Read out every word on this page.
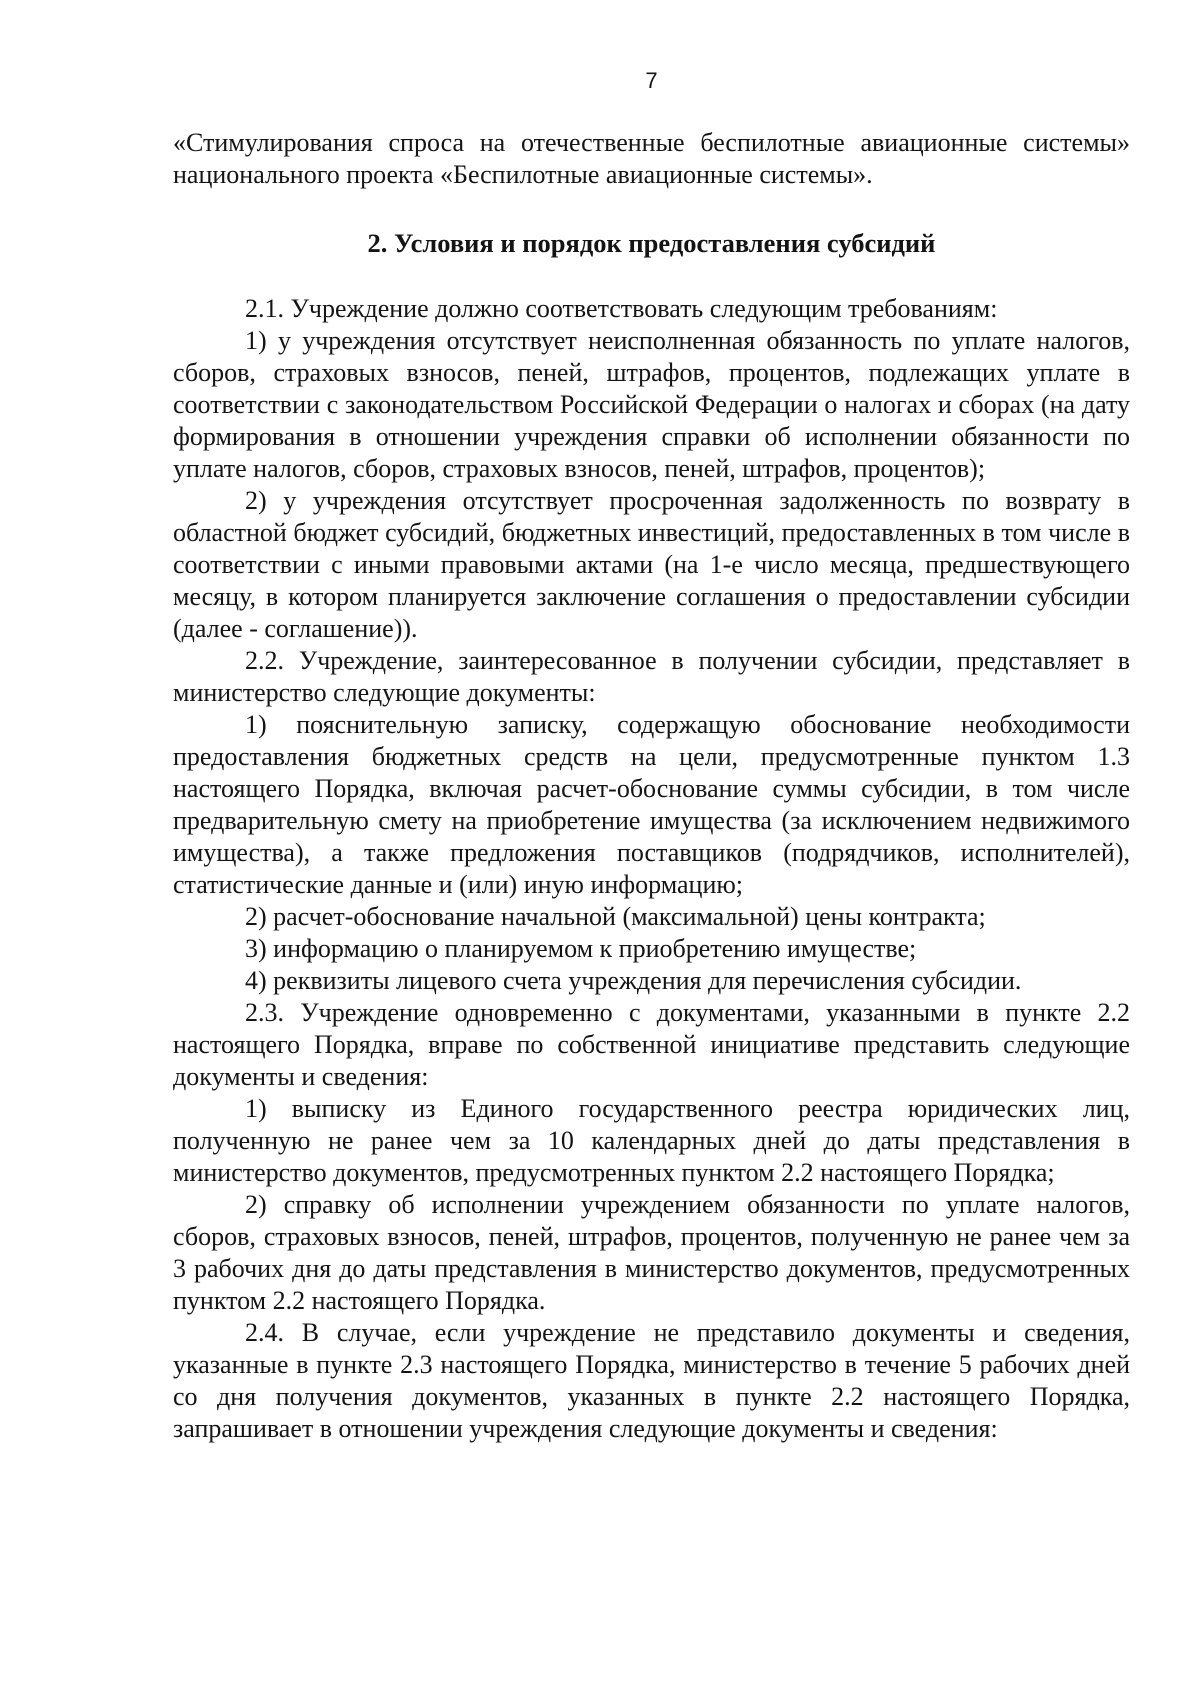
7

«Стимулирования спроса на отечественные беспилотные авиационные системы» национального проекта «Беспилотные авиационные системы».

2. Условия и порядок предоставления субсидий

2.1. Учреждение должно соответствовать следующим требованиям:

1) у учреждения отсутствует неисполненная обязанность по уплате налогов, сборов, страховых взносов, пеней, штрафов, процентов, подлежащих уплате в соответствии с законодательством Российской Федерации о налогах и сборах (на дату формирования в отношении учреждения справки об исполнении обязанности по уплате налогов, сборов, страховых взносов, пеней, штрафов, процентов);

2) у учреждения отсутствует просроченная задолженность по возврату в областной бюджет субсидий, бюджетных инвестиций, предоставленных в том числе в соответствии с иными правовыми актами (на 1-е число месяца, предшествующего месяцу, в котором планируется заключение соглашения о предоставлении субсидии (далее - соглашение)).

2.2. Учреждение, заинтересованное в получении субсидии, представляет в министерство следующие документы:

1) пояснительную записку, содержащую обоснование необходимости предоставления бюджетных средств на цели, предусмотренные пунктом 1.3 настоящего Порядка, включая расчет-обоснование суммы субсидии, в том числе предварительную смету на приобретение имущества (за исключением недвижимого имущества), а также предложения поставщиков (подрядчиков, исполнителей), статистические данные и (или) иную информацию;

2) расчет-обоснование начальной (максимальной) цены контракта;

3) информацию о планируемом к приобретению имуществе;

4) реквизиты лицевого счета учреждения для перечисления субсидии.

2.3. Учреждение одновременно с документами, указанными в пункте 2.2 настоящего Порядка, вправе по собственной инициативе представить следующие документы и сведения:

1) выписку из Единого государственного реестра юридических лиц, полученную не ранее чем за 10 календарных дней до даты представления в министерство документов, предусмотренных пунктом 2.2 настоящего Порядка;

2) справку об исполнении учреждением обязанности по уплате налогов, сборов, страховых взносов, пеней, штрафов, процентов, полученную не ранее чем за 3 рабочих дня до даты представления в министерство документов, предусмотренных пунктом 2.2 настоящего Порядка.

2.4. В случае, если учреждение не представило документы и сведения, указанные в пункте 2.3 настоящего Порядка, министерство в течение 5 рабочих дней со дня получения документов, указанных в пункте 2.2 настоящего Порядка, запрашивает в отношении учреждения следующие документы и сведения:
